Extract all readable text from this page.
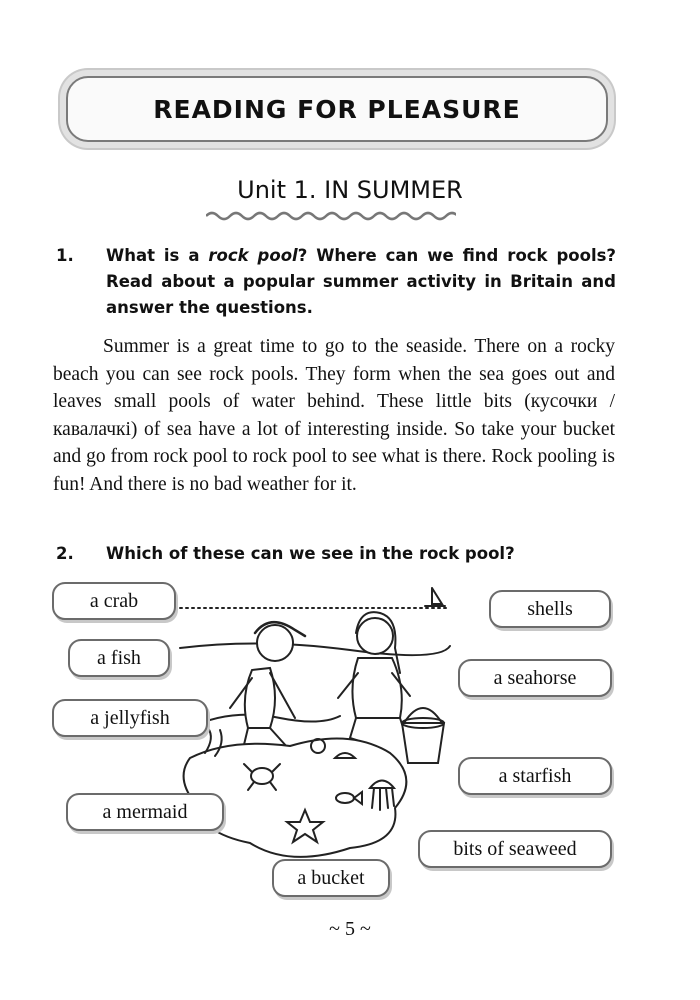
READING FOR PLEASURE
Unit 1. IN SUMMER
1. What is a rock pool? Where can we find rock pools? Read about a popular summer activity in Britain and answer the questions.
Summer is a great time to go to the seaside. There on a rocky beach you can see rock pools. They form when the sea goes out and leaves small pools of water behind. These little bits (кусочки / кавалачкі) of sea have a lot of interesting inside. So take your bucket and go from rock pool to rock pool to see what is there. Rock pooling is fun! And there is no bad weather for it.
2. Which of these can we see in the rock pool?
a crab
a fish
a jellyfish
a mermaid
a bucket
shells
a seahorse
a starfish
bits of seaweed
~ 5 ~
